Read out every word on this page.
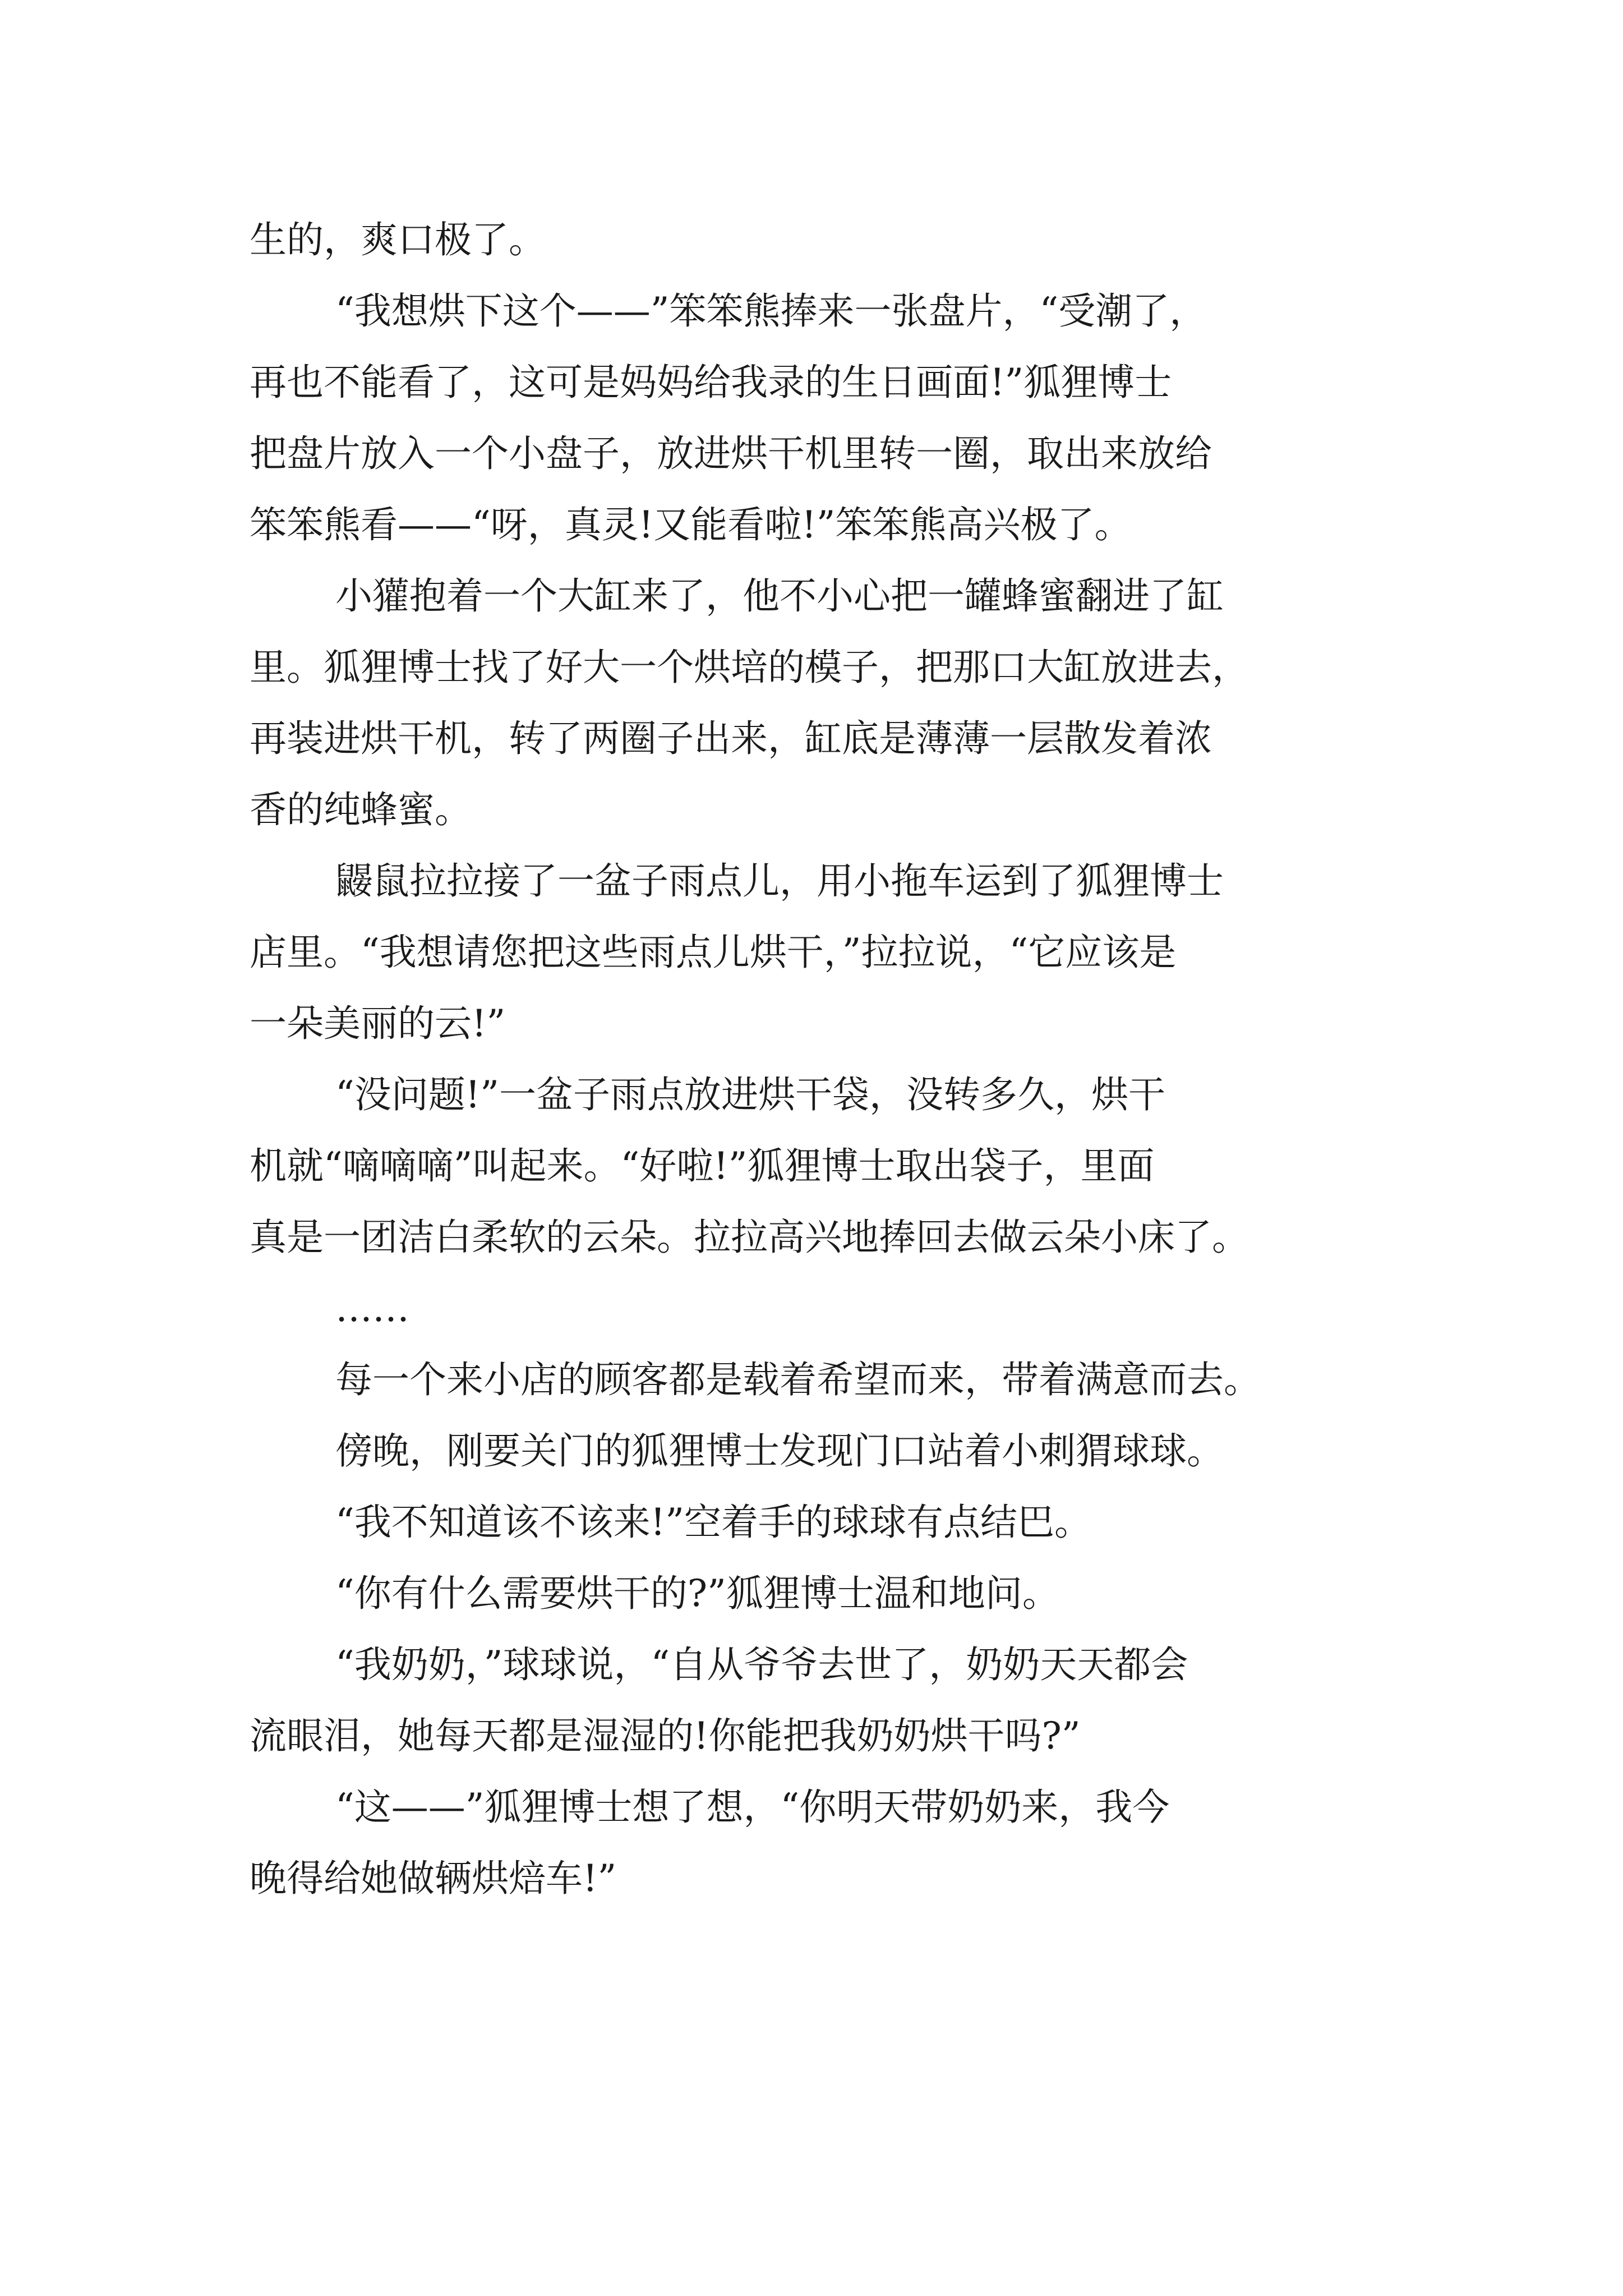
生的，爽口极了。
“我想烘下这个——”笨笨熊捧来一张盘片，“受潮了，
再也不能看了，这可是妈妈给我录的生日画面!”狐狸博士
把盘片放入一个小盘子，放进烘干机里转一圈，取出来放给
笨笨熊看——“呀，真灵!又能看啦!”笨笨熊高兴极了。
小獾抱着一个大缸来了，他不小心把一罐蜂蜜翻进了缸
里。狐狸博士找了好大一个烘培的模子，把那口大缸放进去，
再装进烘干机，转了两圈子出来，缸底是薄薄一层散发着浓
香的纯蜂蜜。
鼹鼠拉拉接了一盆子雨点儿，用小拖车运到了狐狸博士
店里。“我想请您把这些雨点儿烘干，”拉拉说，“它应该是
一朵美丽的云!”
“没问题!”一盆子雨点放进烘干袋，没转多久，烘干
机就“嘀嘀嘀”叫起来。“好啦!”狐狸博士取出袋子，里面
真是一团洁白柔软的云朵。拉拉高兴地捧回去做云朵小床了。
……
每一个来小店的顾客都是载着希望而来，带着满意而去。
傍晚，刚要关门的狐狸博士发现门口站着小刺猬球球。
“我不知道该不该来!”空着手的球球有点结巴。
“你有什么需要烘干的?”狐狸博士温和地问。
“我奶奶，”球球说，“自从爷爷去世了，奶奶天天都会
流眼泪，她每天都是湿湿的!你能把我奶奶烘干吗?”
“这——”狐狸博士想了想，“你明天带奶奶来，我今
晚得给她做辆烘焙车!”
